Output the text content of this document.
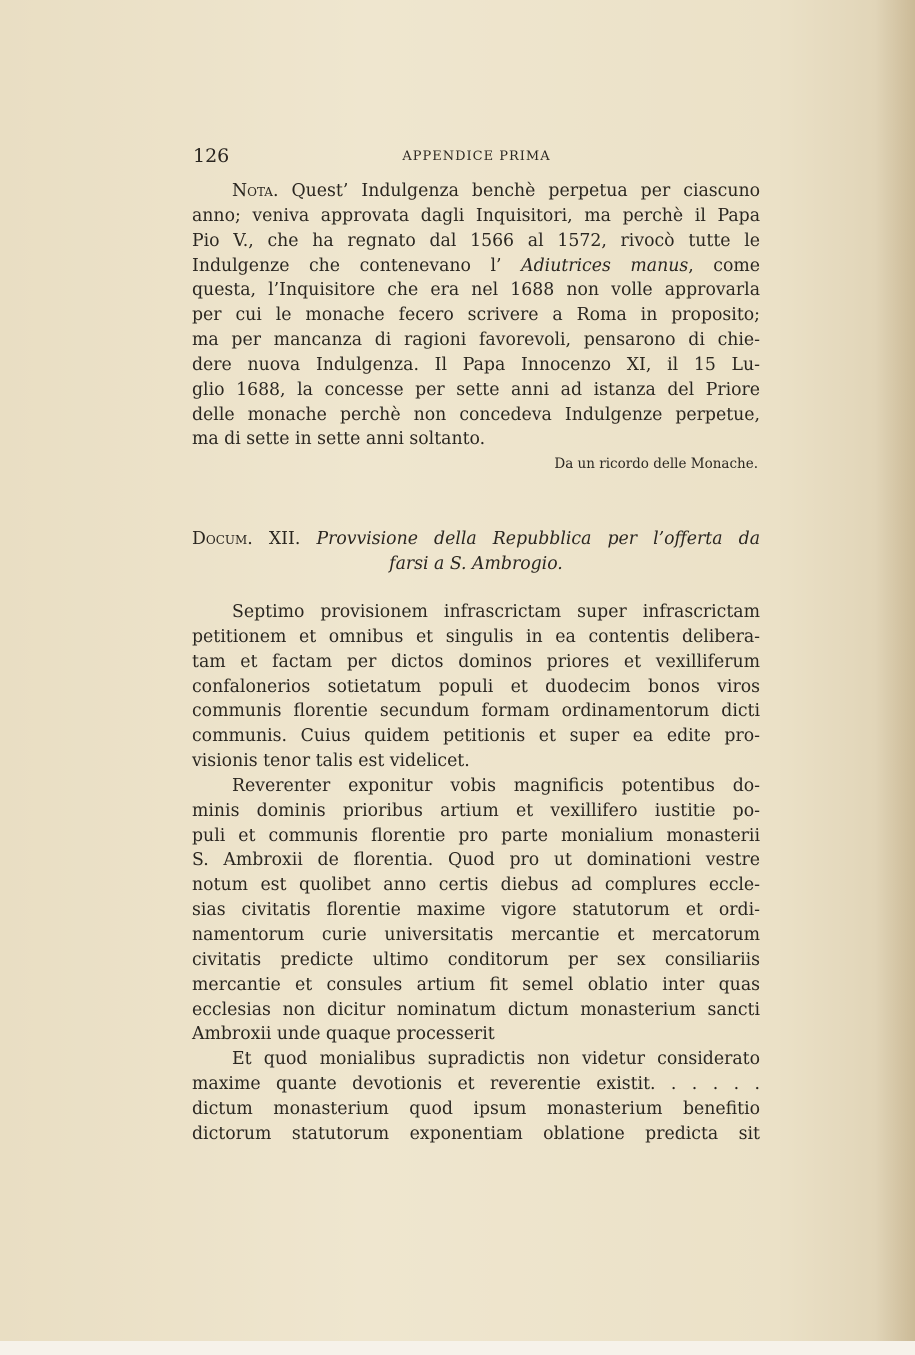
126	APPENDICE PRIMA
Nota. Quest’ Indulgenza benchè perpetua per ciascuno
anno; veniva approvata dagli Inquisitori, ma perchè il Papa
Pio V., che ha regnato dal 1566 al 1572, rivocò tutte le
Indulgenze che contenevano l’ Adiutrices manus, come
questa, l’Inquisitore che era nel 1688 non volle approvarla
per cui le monache fecero scrivere a Roma in proposito;
ma per mancanza di ragioni favorevoli, pensarono di chie-
dere nuova Indulgenza. Il Papa Innocenzo XI, il 15 Lu-
glio 1688, la concesse per sette anni ad istanza del Priore
delle monache perchè non concedeva Indulgenze perpetue,
ma di sette in sette anni soltanto.
Da un ricordo delle Monache.
Docum. XII. Provvisione della Repubblica per l’offerta da
farsi a S. Ambrogio.
Septimo provisionem infrascrictam super infrascrictam
petitionem et omnibus et singulis in ea contentis delibera-
tam et factam per dictos dominos priores et vexilliferum
confalonerios sotietatum populi et duodecim bonos viros
communis florentie secundum formam ordinamentorum dicti
communis. Cuius quidem petitionis et super ea edite pro-
visionis tenor talis est videlicet.
Reverenter exponitur vobis magnificis potentibus do-
minis dominis prioribus artium et vexillifero iustitie po-
puli et communis florentie pro parte monialium monasterii
S. Ambroxii de florentia. Quod pro ut dominationi vestre
notum est quolibet anno certis diebus ad complures eccle-
sias civitatis florentie maxime vigore statutorum et ordi-
namentorum curie universitatis mercantie et mercatorum
civitatis predicte ultimo conditorum per sex consiliariis
mercantie et consules artium fit semel oblatio inter quas
ecclesias non dicitur nominatum dictum monasterium sancti
Ambroxii unde quaque processerit
Et quod monialibus supradictis non videtur considerato
maxime quante devotionis et reverentie existit. . . . . .
dictum monasterium quod ipsum monasterium benefitio
dictorum statutorum exponentiam oblatione predicta sit
